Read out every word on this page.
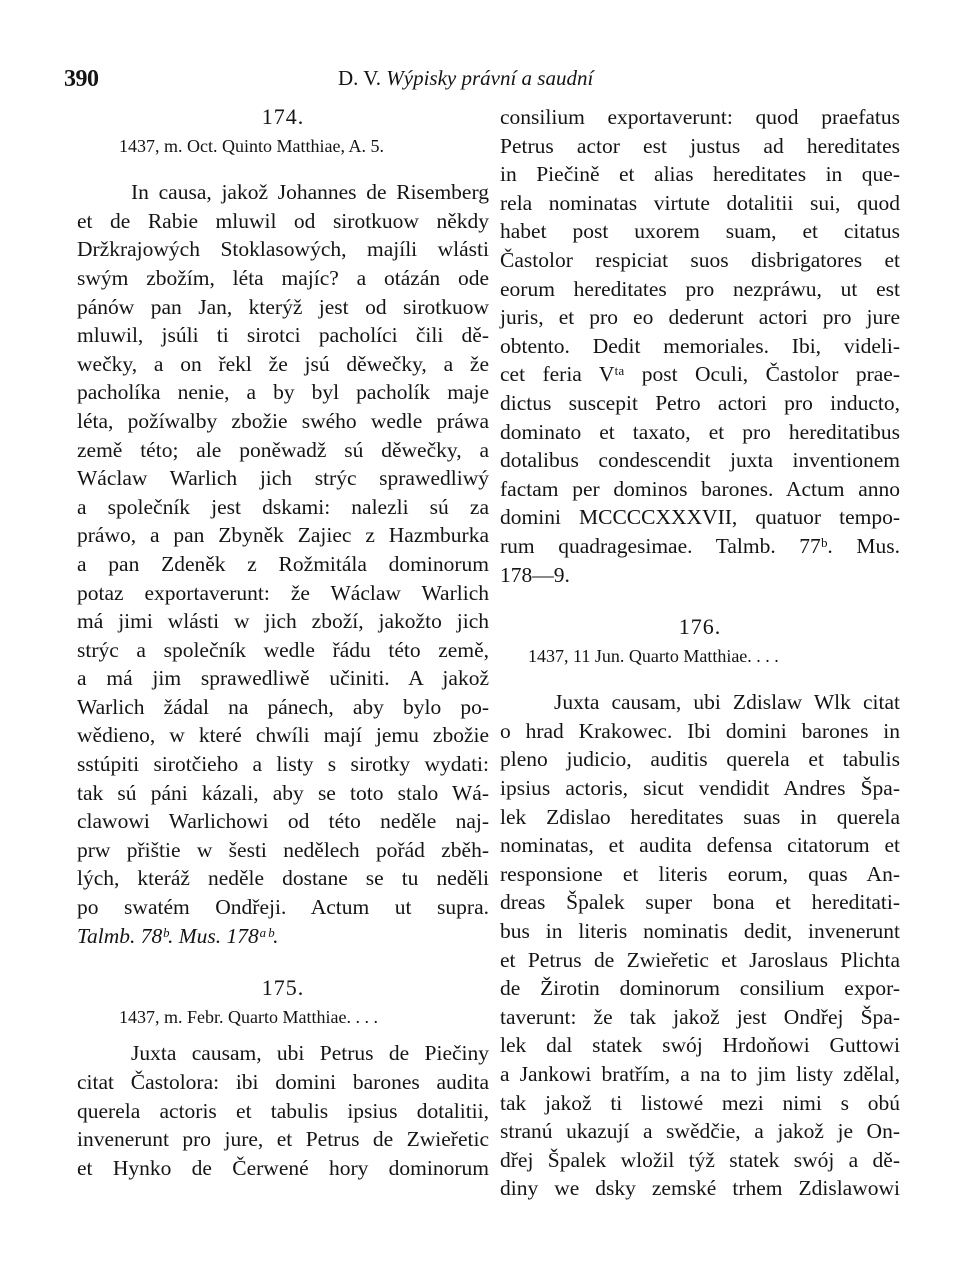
390	D. V. Wýpisky právní a saudní
174.
1437, m. Oct. Quinto Matthiae, A. 5.
In causa, jakož Johannes de Risemberg
et de Rabie mluwil od sirotkuow někdy
Držkrajowých Stoklasowých, majíli wlásti
swým zbožím, léta majíc? a otázán ode
pánów pan Jan, kterýž jest od sirotkuow
mluwil, jsúli ti sirotci pacholíci čili dě-
wečky, a on řekl že jsú děwečky, a že
pacholíka nenie, a by byl pacholík maje
léta, požíwalby zbožie swého wedle práwa
země této; ale poněwadž sú děwečky, a
Wáclaw Warlich jich strýc sprawedliwý
a společník jest dskami: nalezli sú za
práwo, a pan Zbyněk Zajiec z Hazmburka
a pan Zdeněk z Rožmitála dominorum
potaz exportaverunt: že Wáclaw Warlich
má jimi wlásti w jich zboží, jakožto jich
strýc a společník wedle řádu této země,
a má jim sprawedliwě učiniti. A jakož
Warlich žádal na pánech, aby bylo po-
wědieno, w které chwíli mají jemu zbožie
sstúpiti sirotčieho a listy s sirotky wydati:
tak sú páni kázali, aby se toto stalo Wá-
clawowi Warlichowi od této neděle naj-
prw přištie w šesti nedělech pořád zběh-
lých, kteráž neděle dostane se tu neděli
po swatém Ondřeji. Actum ut supra.
Talmb. 78ᵇ. Mus. 178ᵃᵇ.
175.
1437, m. Febr. Quarto Matthiae. . . .
Juxta causam, ubi Petrus de Piečiny
citat Častolora: ibi domini barones audita
querela actoris et tabulis ipsius dotalitii,
invenerunt pro jure, et Petrus de Zwieřetic
et Hynko de Čerwené hory dominorum
consilium exportaverunt: quod praefatus
Petrus actor est justus ad hereditates
in Piečině et alias hereditates in que-
rela nominatas virtute dotalitii sui, quod
habet post uxorem suam, et citatus
Častolor respiciat suos disbrigatores et
eorum hereditates pro nezpráwu, ut est
juris, et pro eo dederunt actori pro jure
obtento. Dedit memoriales. Ibi, videli-
cet feria Vᵗᵃ post Oculi, Častolor prae-
dictus suscepit Petro actori pro inducto,
dominato et taxato, et pro hereditatibus
dotalibus condescendit juxta inventionem
factam per dominos barones. Actum anno
domini MCCCCXXXVII, quatuor tempo-
rum quadragesimae. Talmb. 77ᵇ. Mus.
178—9.
176.
1437, 11 Jun. Quarto Matthiae. . . .
Juxta causam, ubi Zdislaw Wlk citat
o hrad Krakowec. Ibi domini barones in
pleno judicio, auditis querela et tabulis
ipsius actoris, sicut vendidit Andres Špa-
lek Zdislao hereditates suas in querela
nominatas, et audita defensa citatorum et
responsione et literis eorum, quas An-
dreas Špalek super bona et hereditati-
bus in literis nominatis dedit, invenerunt
et Petrus de Zwieřetic et Jaroslaus Plichta
de Žirotin dominorum consilium expor-
taverunt: že tak jakož jest Ondřej Špa-
lek dal statek swój Hrdoňowi Guttowi
a Jankowi bratřím, a na to jim listy zdělal,
tak jakož ti listowé mezi nimi s obú
stranú ukazují a swědčie, a jakož je On-
dřej Špalek wložil týž statek swój a dě-
diny we dsky zemské trhem Zdislawowi
